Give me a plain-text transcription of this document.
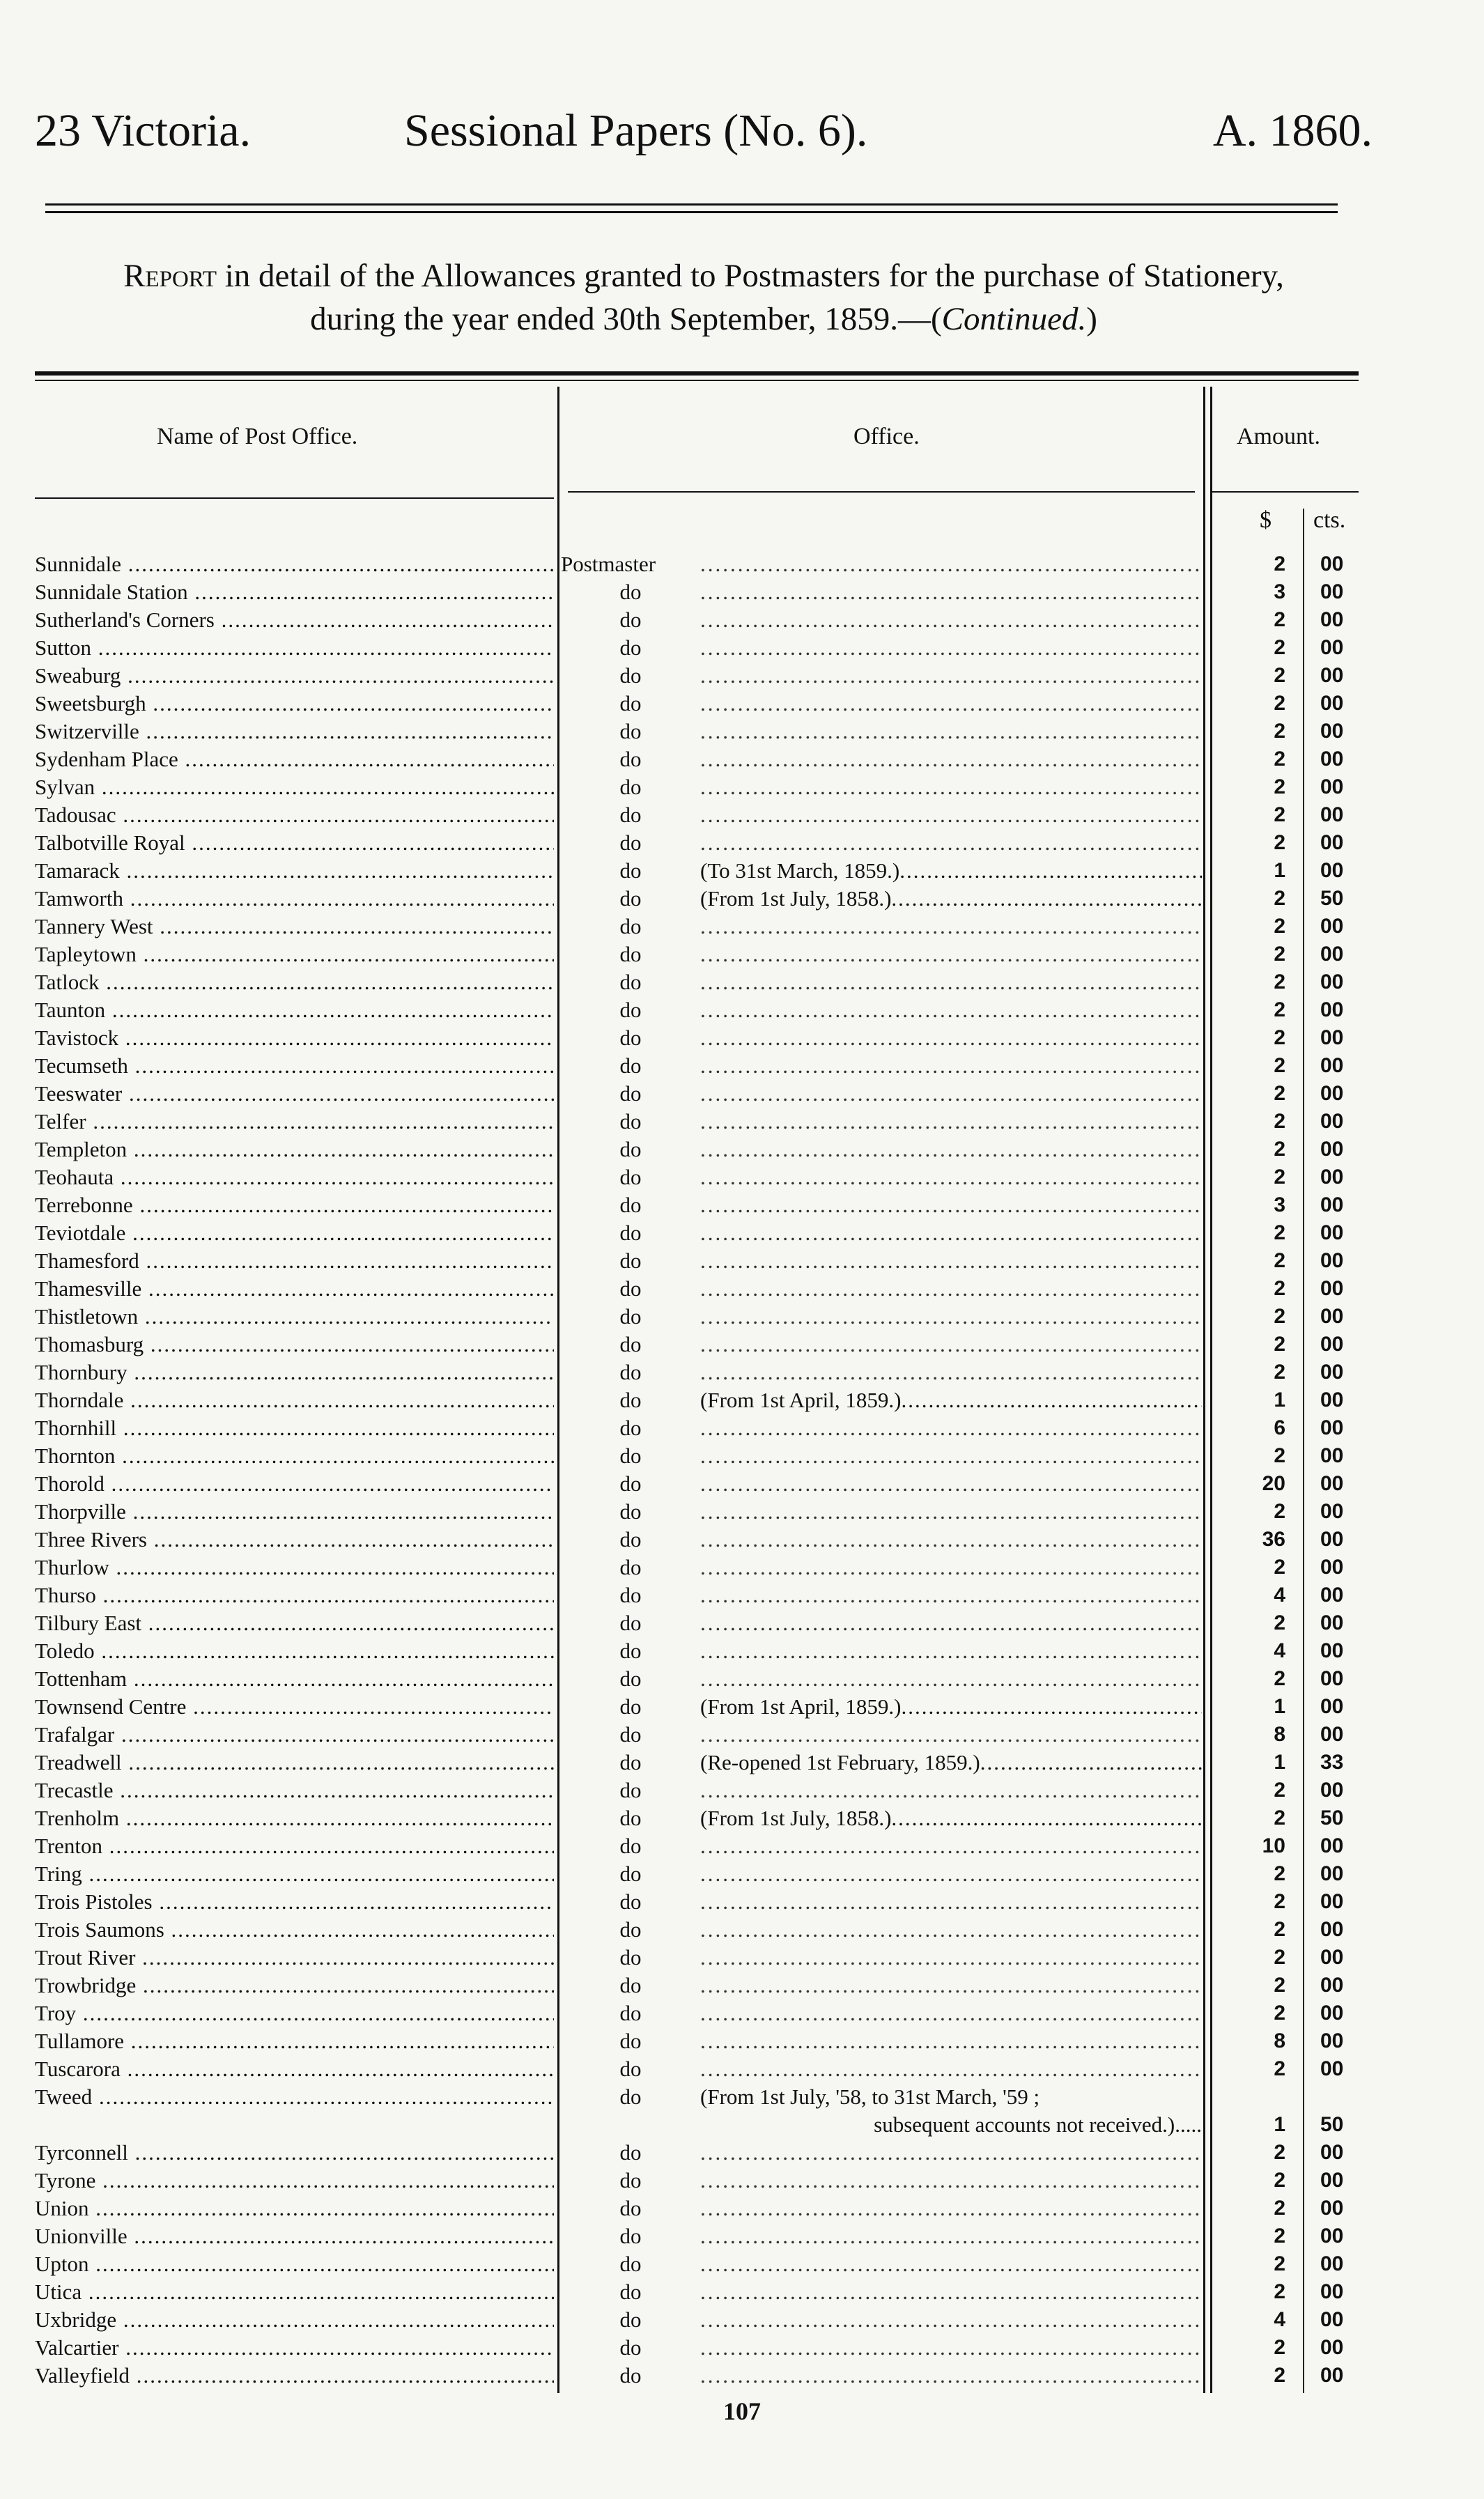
23 Victoria.	Sessional Papers (No. 6).	A. 1860.
Report in detail of the Allowances granted to Postmasters for the purchase of Stationery,
during the year ended 30th September, 1859.—(Continued.)
Name of Post Office.	Office.	Amount.
$ cts.
Sunnidale .....	Postmaster .....	2 00
Sunnidale Station .....	do .....	3 00
Sutherland's Corners .....	do .....	2 00
Sutton .....	do .....	2 00
Sweaburg .....	do .....	2 00
Sweetsburgh .....	do .....	2 00
Switzerville .....	do .....	2 00
Sydenham Place .....	do .....	2 00
Sylvan .....	do .....	2 00
Tadousac .....	do .....	2 00
Talbotville Royal .....	do .....	2 00
Tamarack .....	do	(To 31st March, 1859.) .....	1 00
Tamworth .....	do	(From 1st July, 1858.) .....	2 50
Tannery West .....	do .....	2 00
Tapleytown .....	do .....	2 00
Tatlock .....	do .....	2 00
Taunton .....	do .....	2 00
Tavistock .....	do .....	2 00
Tecumseth .....	do .....	2 00
Teeswater .....	do .....	2 00
Telfer .....	do .....	2 00
Templeton .....	do .....	2 00
Teohauta .....	do .....	2 00
Terrebonne .....	do .....	3 00
Teviotdale .....	do .....	2 00
Thamesford .....	do .....	2 00
Thamesville .....	do .....	2 00
Thistletown .....	do .....	2 00
Thomasburg .....	do .....	2 00
Thornbury .....	do .....	2 00
Thorndale .....	do	(From 1st April, 1859.) .....	1 00
Thornhill .....	do .....	6 00
Thornton .....	do .....	2 00
Thorold .....	do .....	20 00
Thorpville .....	do .....	2 00
Three Rivers .....	do .....	36 00
Thurlow .....	do .....	2 00
Thurso .....	do .....	4 00
Tilbury East .....	do .....	2 00
Toledo .....	do .....	4 00
Tottenham .....	do .....	2 00
Townsend Centre .....	do	(From 1st April, 1859.) .....	1 00
Trafalgar .....	do .....	8 00
Treadwell .....	do	(Re-opened 1st February, 1859.) .....	1 33
Trecastle .....	do .....	2 00
Trenholm .....	do	(From 1st July, 1858.) .....	2 50
Trenton .....	do .....	10 00
Tring .....	do .....	2 00
Trois Pistoles .....	do .....	2 00
Trois Saumons .....	do .....	2 00
Trout River .....	do .....	2 00
Trowbridge .....	do .....	2 00
Troy .....	do .....	2 00
Tullamore .....	do .....	8 00
Tuscarora .....	do .....	2 00
Tweed .....	do	(From 1st July, '58, to 31st March, '59 ;
subsequent accounts not received.).....	1 50
Tyrconnell .....	do .....	2 00
Tyrone .....	do .....	2 00
Union .....	do .....	2 00
Unionville .....	do .....	2 00
Upton .....	do .....	2 00
Utica .....	do .....	2 00
Uxbridge .....	do .....	4 00
Valcartier .....	do .....	2 00
Valleyfield .....	do .....	2 00
107
